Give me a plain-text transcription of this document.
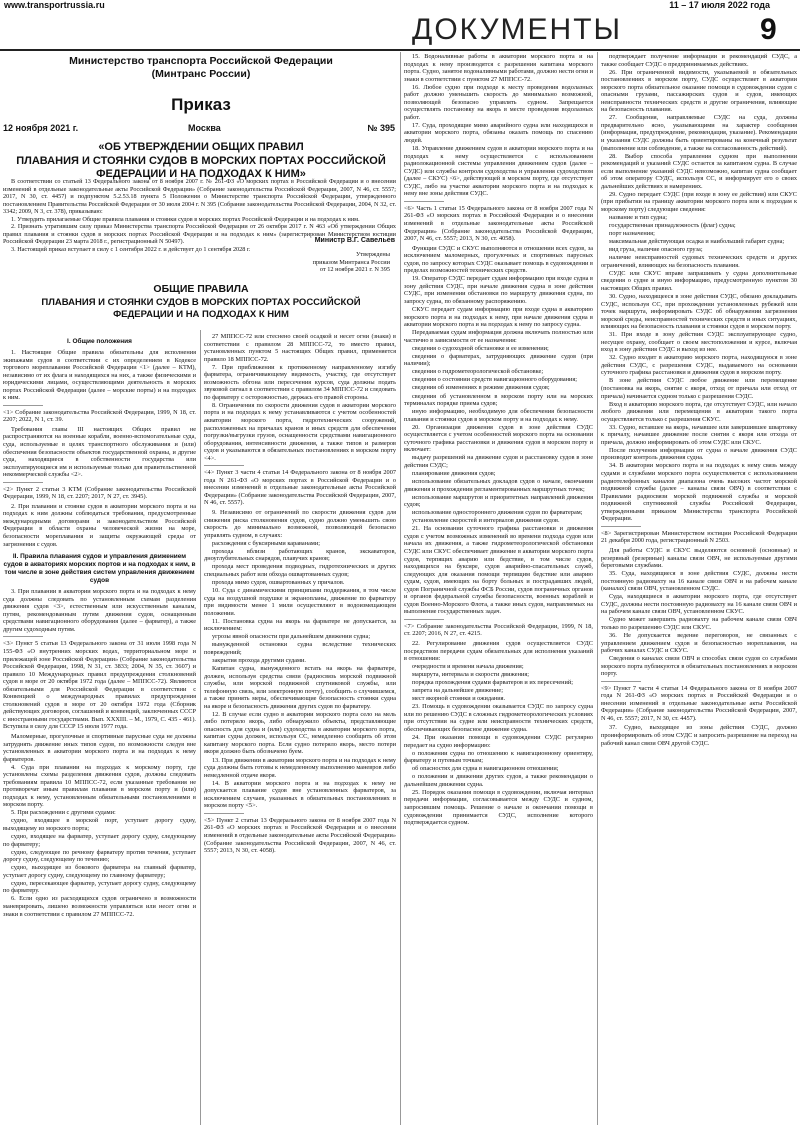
www.transportrussia.ru	11 – 17 июля 2022 года
ДОКУМЕНТЫ	9
Министерство транспорта Российской Федерации
(Минтранс России)
Приказ
12 ноября 2021 г.	Москва	№ 395
«ОБ УТВЕРЖДЕНИИ ОБЩИХ ПРАВИЛ
ПЛАВАНИЯ И СТОЯНКИ СУДОВ В МОРСКИХ ПОРТАХ РОССИЙСКОЙ
ФЕДЕРАЦИИ И НА ПОДХОДАХ К НИМ»

В соответствии со статьей 13 Федерального закона от 8 ноября 2007 г. № 261-ФЗ «О морских портах в Российской Федерации и о внесении изменений в отдельные законодательные акты Российской Федерации» (Собрание законодательства Российской Федерации, 2007, N 46, ст. 5557; 2017, N 30, ст. 4457) и подпунктом 5.2.53.18 пункта 5 Положения о Министерстве транспорта Российской Федерации, утвержденного постановлением Правительства Российской Федерации от 30 июля 2004 г. N 395 (Собрание законодательства Российской Федерации, 2004, N 32, ст. 3342; 2009, N 3, ст. 378), приказываю:

1. Утвердить прилагаемые Общие правила плавания и стоянки судов в морских портах Российской Федерации и на подходах к ним.

2. Признать утратившим силу приказ Министерства транспорта Российской Федерации от 26 октября 2017 г. N 463 «Об утверждении Общих правил плавания и стоянки судов в морских портах Российской Федерации и на подходах к ним» (зарегистрирован Министерством юстиции Российской Федерации 23 марта 2018 г., регистрационный N 50497).

3. Настоящий приказ вступает в силу с 1 сентября 2022 г. и действует до 1 сентября 2028 г.

Министр В.Г. Савельев
Утверждены
приказом Минтранса России
от 12 ноября 2021 г. N 395
ОБЩИЕ ПРАВИЛА
ПЛАВАНИЯ И СТОЯНКИ СУДОВ В МОРСКИХ ПОРТАХ РОССИЙСКОЙ
ФЕДЕРАЦИИ И НА ПОДХОДАХ К НИМ
I. Общие положения

1. Настоящие Общие правила обязательны для исполнения экипажами судов в соответствии с их определением в Кодексе торгового мореплавания Российской Федерации <1> (далее – КТМ), независимо от их флага и находящихся на них, а также физическими и юридическими лицами, осуществляющими деятельность в морских портах Российской Федерации (далее – морские порты) и на подходах к ним.

<1> Собрание законодательства Российской Федерации, 1999, N 18, ст. 2207; 2022, N 1, ст. 39.

Требования главы III настоящих Общих правил не распространяются на военные корабли, военно-вспомогательные суда, суда, используемые в целях транспортного обслуживания и (или) обеспечения безопасности объектов государственной охраны, и другие суда, находящиеся в собственности государства или эксплуатирующиеся им и используемые только для правительственной некоммерческой службы <2>.

<2> Пункт 2 статьи 3 КТМ (Собрание законодательства Российской Федерации, 1999, N 18, ст. 2207; 2017, N 27, ст. 3945).

2. При плавании и стоянке судов в акватории морского порта и на подходах к ним должны соблюдаться требования, предусмотренные международными договорами и законодательством Российской Федерации в области охраны человеческой жизни на море, безопасности мореплавания и защиты окружающей среды от загрязнения с судов.

II. Правила плавания судов и управления движением судов в акваториях морских портов и на подходах к ним, в том числе в зоне действия систем управления движением судов

3. При плавании в акватории морского порта и на подходах к нему суда должны следовать по установленным схемам разделения движения судов <3>, естественным или искусственным каналам, путям, рекомендованным путям движения судов, оснащенным средствами навигационного оборудования (далее – фарватер), а также другим судоходным путям.

<3> Пункт 5 статьи 13 Федерального закона от 31 июля 1998 года N 155-ФЗ «О внутренних морских водах, территориальном море и прилежащей зоне Российской Федерации» (Собрание законодательства Российской Федерации, 1998, N 31, ст. 3833; 2004, N 35, ст. 3607) и правило 10 Международных правил предупреждения столкновений судов в море от 20 октября 1972 года (далее – МППСС-72). Являются обязательными для Российской Федерации в соответствии с Конвенцией о международных правилах предупреждения столкновений судов в море от 20 октября 1972 года (Сборник действующих договоров, соглашений и конвенций, заключенных СССР с иностранными государствами. Вып. XXXIII. – М., 1979, С. 435 - 461). Вступила в силу для СССР 15 июля 1977 года.

Маломерные, прогулочные и спортивные парусные суда не должны затруднять движение иных типов судов, по возможности следуя вне установленных в акватории морского порта и на подходах к нему фарватеров.

4. Суда при плавании на подходах к морскому порту, где установлены схемы разделения движения судов, должны следовать требованиям правила 10 МППСС-72, если указанные требования не противоречат иным правилам плавания в морском порту и (или) подходах к нему, установленным обязательными постановлениями в морском порту.

5. При расхождении с другими судами:

судно, входящее в морской порт, уступает дорогу судну, выходящему из морского порта;

судно, входящее на фарватер, уступает дорогу судну, следующему по фарватеру;

судно, следующее по речному фарватеру против течения, уступает дорогу судну, следующему по течению;

судно, выходящее из бокового фарватера на главный фарватер, уступает дорогу судну, следующему по главному фарватеру;

судно, пересекающее фарватер, уступает дорогу судну, следующему по фарватеру.

6. Если одно из расходящихся судов ограничено в возможности маневрировать, лишено возможности управляться или несет огни и знаки в соответствии с правилом 27 МППСС-72.

27 МППСС-72 или стеснено своей осадкой и несет огни (знаки) в соответствии с правилом 28 МППСС-72, то вместо правил, установленных пунктом 5 настоящих Общих правил, применяется правило 18 МППСС-72.

7. При приближении к протяженному направленному изгибу фарватера, ограничивающему видимость, участку, где отсутствует возможность обгона или пересечения курсов, суда должны подать звуковой сигнал в соответствии с правилом 34 МППСС-72 и следовать по фарватеру с осторожностью, держась его правой стороны.

8. Ограничения по скорости движения судов в акватории морского порта и на подходах к нему устанавливаются с учетом особенностей акватории морского порта, гидротехнических сооружений, расположенных на причалах кранов и иных средств для обеспечения погрузки/выгрузки грузов, оснащенности средствами навигационного оборудования, интенсивности движения, а также типов и размеров судов и указываются в обязательных постановлениях в морском порту <4>.

<4> Пункт 3 части 4 статьи 14 Федерального закона от 8 ноября 2007 года N 261-ФЗ «О морских портах в Российской Федерации и о внесении изменений в отдельные законодательные акты Российской Федерации» (Собрание законодательства Российской Федерации, 2007, N 46, ст. 5557).

9. Независимо от ограничений по скорости движения судов для снижения риска столкновения судов, судно должно уменьшить свою скорость до минимально возможной, позволяющей безопасно управлять судном, в случаях:

расхождения с буксирными караванами;

прохода вблизи работающих кранов, экскаваторов, дноуглубительных снарядов, плавучих кранов;

прохода мест проведения подводных, гидротехнических и других специальных работ или обхода ошвартованных судов;

прохода мимо судов, ошвартованных у причалов.

10. Суда с динамическими принципами поддержания, в том числе суда на воздушной подушке и экранопланы, движение по фарватеру при видимости менее 1 мили осуществляют в водоизмещающем положении.

11. Постановка судна на якорь на фарватере не допускается, за исключением:

угрозы явной опасности при дальнейшем движении судна;

вынужденной остановки судна вследствие технических повреждений;

закрытия прохода другими судами.

Капитан судна, вынужденного встать на якорь на фарватере, должен, используя средства связи (радиосвязь морской подвижной службы, или морской подвижной спутниковой службы, или телефонную связь, или электронную почту), сообщить о случившемся, а также принять меры, обеспечивающие безопасность стоянки судна на якоре и безопасность движения других судов по фарватеру.

12. В случае если судно в акватории морского порта село на мель либо потеряло якорь, либо обнаружило объекты, представляющие опасность для судна и (или) судоходства в акватории морского порта, капитан судна должен, используя СС, немедленно сообщить об этом капитану морского порта. Если судно потеряло якорь, место потери якоря должно быть обозначено буем.

13. При движении в акватории морского порта и на подходах к нему суда должны быть готовы к немедленному выполнению маневров либо немедленной отдаче якоря.

14. В акватории морского порта и на подходах к нему не допускается плавание судов вне установленных фарватеров, за исключением случаев, указанных в обязательных постановлениях в морском порту <5>.

<5> Пункт 2 статьи 13 Федерального закона от 8 ноября 2007 года N 261-ФЗ «О морских портах в Российской Федерации и о внесении изменений в отдельные законодательные акты Российской Федерации» (Собрание законодательства Российской Федерации, 2007, N 46, ст. 5557; 2013, N 30, ст. 4058).

15. Водоналивные работы в акватории морского порта и на подходах к нему производятся с разрешения капитана морского порта. Судно, занятое водоналивными работами, должно нести огни и знаки в соответствии с пунктом 27 МППСС-72.

16. Любое судно при подходе к месту проведения водолазных работ должно уменьшить скорость до минимально возможной, позволяющей безопасно управлять судном. Запрещается осуществлять постановку на якорь в месте проведения водолазных работ.

17. Суда, проходящие мимо аварийного судна или находящихся в акватории морского порта, обязаны оказать помощь по спасению людей.

18. Управление движением судов в акватории морского порта и на подходах к нему осуществляется с использованием радиолокационной системы управления движением судов (далее – СУДС) или службы контроля судоходства и управления судоходством (далее – СКУС) <6>, действующей в морском порту, где отсутствует СУДС, либо на участке акватории морского порта и на подходах к нему вне зоны действия СУДС.

<6> Часть 1 статьи 15 Федерального закона от 8 ноября 2007 года N 261-ФЗ «О морских портах в Российской Федерации и о внесении изменений в отдельные законодательные акты Российской Федерации» (Собрание законодательства Российской Федерации, 2007, N 46, ст. 5557; 2013, N 30, ст. 4058).

Функции СУДС и СКУС выполняются в отношении всех судов, за исключением маломерных, прогулочных и спортивных парусных судов, по запросу которых СУДС оказывает помощь в судовождении в пределах возможностей технических средств.

19. Оператор СУДС передает судам информацию при входе судна в зону действия СУДС, при начале движения судна в зоне действия СУДС, при изменении обстановки по маршруту движения судна, по запросу судна, по обязанному распоряжению.

СКУС передает судам информацию при входе судна в акваторию морского порта и на подходах к нему, при начале движения судна в акватории морского порта и на подходах к нему по запросу судна.

Передаваемая судам информация должна включать полностью или частично в зависимости от ее назначения:

сведения о судоходной обстановке и ее изменении;

сведения о фарватерах, затрудняющих движение судов (при наличии);

сведения о гидрометеорологической обстановке;

сведения о состоянии средств навигационного оборудования;

сведения об изменениях в режиме движения судов;

сведения об установленном в морском порту или на морских терминалах порядке приема судов;

иную информацию, необходимую для обеспечения безопасности плавания и стоянки судов в морском порту и на подходах к нему.

20. Организация движения судов в зоне действия СУДС осуществляется с учетом особенностей морского порта на основании суточного графика расстановки и движения судов в морском порту и включает:

выдачу разрешений на движение судов и расстановку судов в зоне действия СУДС;

планирование движения судов;

использование обязательных докладов судов о начале, окончании движения и прохождении регламентированных маршрутных точек;

использование маршрутов и приоритетных направлений движения судов;

использование одностороннего движения судов по фарватерам;

установление скоростей и интервалов движения судов.

21. На основании суточного графика расстановки и движения судов с учетом возможных изменений во времени подхода судов или начала их движения, а также гидрометеорологической обстановки СУДС или СКУС обеспечивает движение в акватории морского порта судов, терпящих аварию или бедствие, в том числе судов, находящихся на буксире, судов аварийно-спасательных служб, следующих для оказания помощи терпящим бедствие или аварию судам, судов, имеющих на борту больных и пострадавших людей, судов Пограничной службы ФСБ России, судов пограничных органов и органов федеральной службы безопасности, военных кораблей и судов Военно-Морского Флота, а также иных судов, направляемых на выполнение государственных задач.

<7> Собрание законодательства Российской Федерации, 1999, N 18, ст. 2207; 2016, N 27, ст. 4215.

22. Регулирование движения судов осуществляется СУДС посредством передачи судам обязательных для исполнения указаний в отношении:

очередности и времени начала движения;

маршрута, интервала и скорости движения;

порядка прохождения судами фарватеров и их пересечений;

запрета на дальнейшее движение;

мест якорной стоянки и ожидания.

23. Помощь в судовождении оказывается СУДС по запросу судна или по решению СУДС в сложных гидрометеорологических условиях при отсутствии на судне или неисправности технических средств, обеспечивающих безопасное движение судна.

24. При оказании помощи в судовождении СУДС регулярно передает на судно информацию:

о положении судна по отношению к навигационному ориентиру, фарватеру и путевым точкам;

об опасностях для судна в навигационном отношении;

о положении и движении других судов, а также рекомендации о дальнейшем движении судна.

25. Порядок оказания помощи в судовождении, включая интервал передачи информации, согласовывается между СУДС и судном, запросившим помощь. Решение о начале и окончании помощи в судовождении принимается СУДС, исполнение которого подтверждается судном.

подтверждает получение информации и рекомендаций СУДС, а также сообщает СУДС о предпринимаемых действиях.

26. При ограниченной видимости, указываемой в обязательных постановлениях в морском порту, СУДС осуществляет в акватории морского порта обязательное оказание помощи в судовождении судов с опасными грузами, пассажирских судов и судов, имеющих неисправности технических средств и другие ограничения, влияющие на безопасность плавания.

27. Сообщения, направляемые СУДС на суда, должны предварительно ясно, указывающими на характер сообщения (информация, предупреждение, рекомендация, указание). Рекомендации и указания СУДС должны быть ориентированы на конечный результат (выполнение или соблюдение, а также на согласованность действий).

28. Выбор способа управления судном при выполнении рекомендаций и указаний СУДС остается за капитаном судна. В случае если выполнение указаний СУДС невозможно, капитан судна сообщает об этом оператору СУДС, используя СС, и информирует его о своих дальнейших действиях и намерениях.

29. Судно передает СУДС (при входе в зону ее действия) или СКУС (при прибытии на границу акватории морского порта или к подходам к морскому порту) следующие сведения:

название и тип судна;

государственная принадлежность (флаг) судна;

порт назначения;

максимальная действующая осадка и наибольший габарит судна;

вид груза, наличие опасного груза;

наличие неисправностей судовых технических средств и других ограничений, влияющих на безопасность плавания.

СУДС или СКУС вправе запрашивать у судна дополнительные сведения о судне и иную информацию, предусмотренную пунктом 30 настоящих Общих правил.

30. Судно, находящееся в зоне действия СУДС, обязано докладывать СУДС, используя СС, при прохождении установленных рубежей или точек маршрута, информировать СУДС об обнаружении загрязнения морской среды, неисправностей технических средств и иных ситуациях, влияющих на безопасность плавания и стоянки судов в морском порту.

31. При входе в зону действия СУДС эксплуатирующее судно, несущее охрану, сообщает о своем местоположении и курсе, включая вход в зону действия СУДС и выход из нее.

32. Судно входит в акваторию морского порта, находящуюся в зоне действия СУДС, с разрешения СУДС, выдаваемого на основании суточного графика расстановки и движения судов в морском порту.

В зоне действия СУДС любое движение или перемещение (постановка на якорь, снятие с якоря, отход от причала или отход от причала) начинается судном только с разрешения СУДС.

Вход в акваторию морского порта, где отсутствует СУДС, или начало любого движения или перемещения в акватории такого порта осуществляется только с разрешения СКУС.

33. Судно, вставшее на якорь, начавшее или завершившее швартовку к причалу, начавшее движение после снятия с якоря или отхода от причала, должно информировать об этом СУДС или СКУС.

После получения информации от судна о начале движения СУДС производит контроль движения судна.

34. В акватории морского порта и на подходах к нему связь между судами и службами морского порта осуществляется с использованием радиотелефонных каналов диапазона очень высоких частот морской подвижной службы (далее – каналы связи ОВЧ) в соответствии с Правилами радиосвязи морской подвижной службы и морской подвижной спутниковой службы Российской Федерации, утвержденными приказом Министерства транспорта Российской Федерации.

<8> Зарегистрирован Министерством юстиции Российской Федерации 21 декабря 2000 года, регистрационный N 2503.

Для работы СУДС и СКУС выделяются основной (основные) и резервный (резервные) каналы связи ОВЧ, не используемые другими береговыми службами.

35. Суда, находящиеся в зоне действия СУДС, должны нести постоянную радиовахту на 16 канале связи ОВЧ и на рабочем канале (каналах) связи ОВЧ, установленном СУДС.

Суда, находящиеся в акватории морского порта, где отсутствует СУДС, должны нести постоянную радиовахту на 16 канале связи ОВЧ и на рабочем канале связи ОВЧ, установленном СКУС.

Судно может завершить радиовахту на рабочем канале связи ОВЧ только по разрешению СУДС или СКУС.

36. Не допускается ведение переговоров, не связанных с управлением движением судов и безопасностью мореплавания, на рабочих каналах СУДС и СКУС.

Сведения о каналах связи ОВЧ и способах связи судов со службами морского порта публикуются в обязательных постановлениях в морском порту.

<9> Пункт 7 части 4 статьи 14 Федерального закона от 8 ноября 2007 года N 261-ФЗ «О морских портах в Российской Федерации и о внесении изменений в отдельные законодательные акты Российской Федерации» (Собрание законодательства Российской Федерации, 2007, N 46, ст. 5557; 2017, N 30, ст. 4457).

37. Судно, выходящее из зоны действия СУДС, должно проинформировать об этом СУДС и запросить разрешение на переход на рабочий канал связи ОВЧ другой СУДС.
